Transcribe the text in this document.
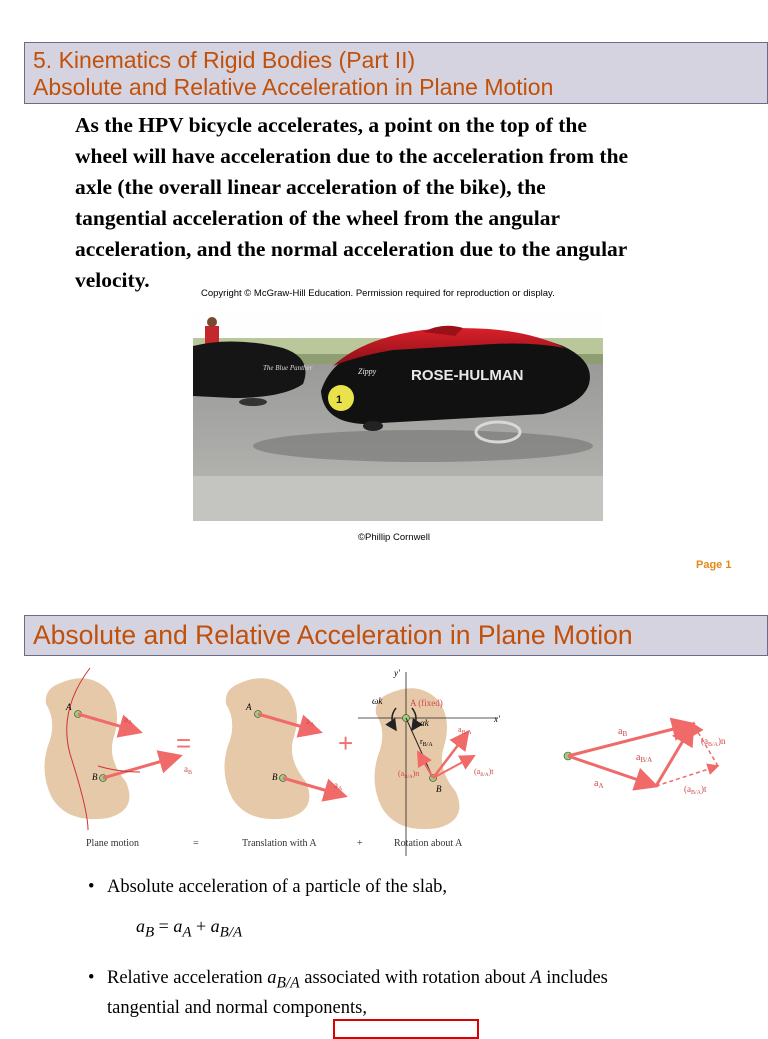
5. Kinematics of Rigid Bodies (Part II)
Absolute and Relative Acceleration in Plane Motion
As the HPV bicycle accelerates, a point on the top of the
wheel will have acceleration due to the acceleration from the
axle (the overall linear acceleration of the bike), the
tangential acceleration of the wheel from the angular
acceleration, and the normal acceleration due to the angular
velocity.
Copyright © McGraw-Hill Education. Permission required for reproduction or display.
The Blue Panther
1
ROSE-HULMAN
Zippy
©Phillip Cornwell
Page 1
Absolute and Relative Acceleration in Plane Motion
A
B
$a_A$
$a_B$
=
A
B
$a_A$
$a_A$
+
y'
x'
A (fixed)
ωk
αk
$r_{B/A}$
B
$a_{B/A}$
$(a_{B/A})n$	$(a_{B/A})t$
$a_B$
$a_{B/A}$
$a_A$
$(a_{B/A})n$
$(a_{B/A})t$
Plane motion	=	Translation with A	+	Rotation about A
• Absolute acceleration of a particle of the slab,
$a_B = a_A + a_{B/A}$
• Relative acceleration $a_{B/A}$ associated with rotation about A includes
tangential and normal components,
